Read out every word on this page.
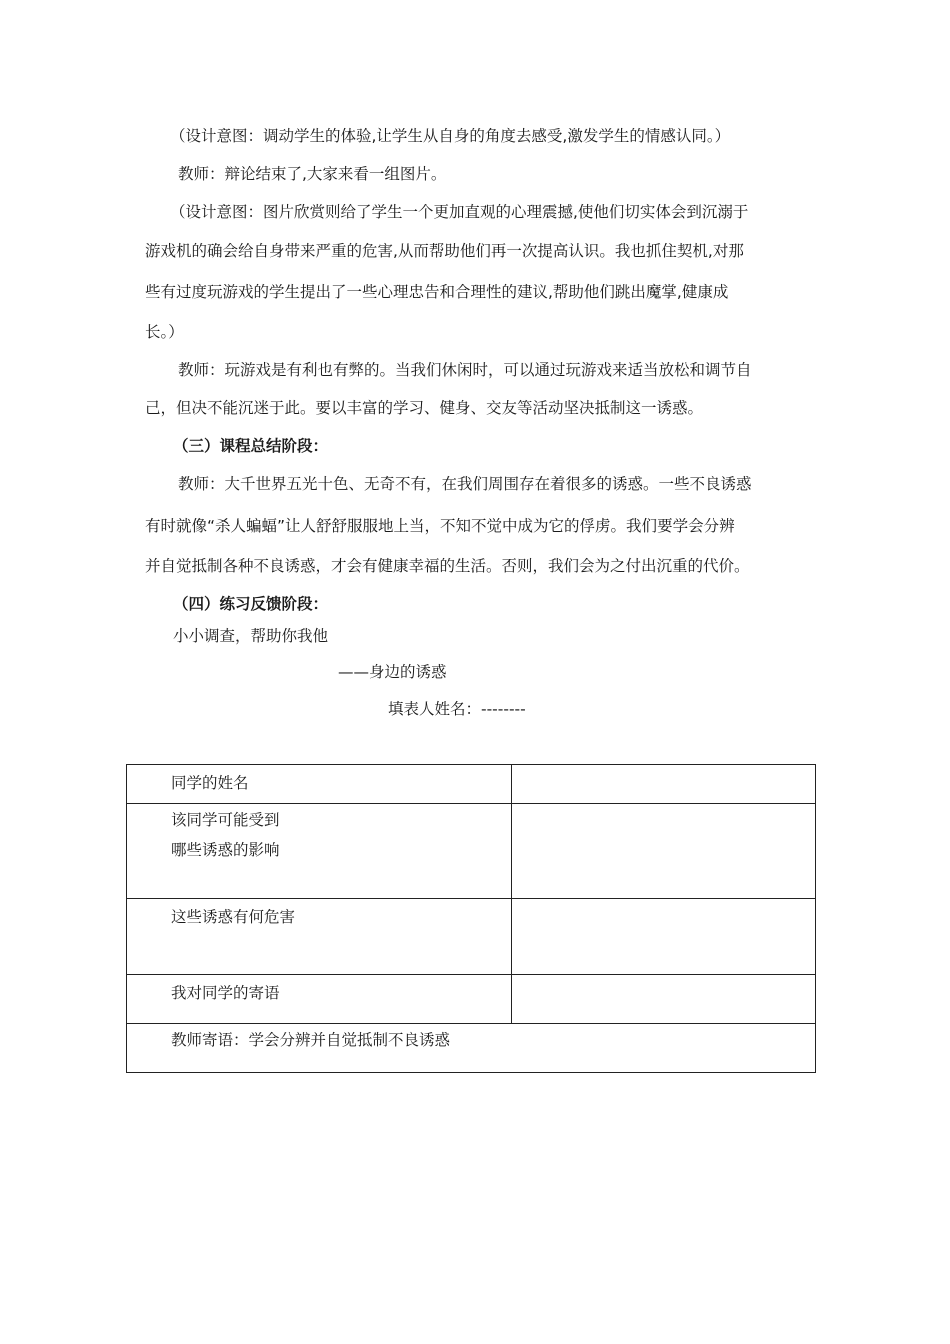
（设计意图：调动学生的体验,让学生从自身的角度去感受,激发学生的情感认同。）
教师：辩论结束了,大家来看一组图片。
（设计意图：图片欣赏则给了学生一个更加直观的心理震撼,使他们切实体会到沉溺于
游戏机的确会给自身带来严重的危害,从而帮助他们再一次提高认识。我也抓住契机,对那
些有过度玩游戏的学生提出了一些心理忠告和合理性的建议,帮助他们跳出魔掌,健康成
长。）
教师：玩游戏是有利也有弊的。当我们休闲时，可以通过玩游戏来适当放松和调节自
己，但决不能沉迷于此。要以丰富的学习、健身、交友等活动坚决抵制这一诱惑。
（三）课程总结阶段：
教师：大千世界五光十色、无奇不有，在我们周围存在着很多的诱惑。一些不良诱惑
有时就像“杀人蝙蝠”让人舒舒服服地上当，不知不觉中成为它的俘虏。我们要学会分辨
并自觉抵制各种不良诱惑，才会有健康幸福的生活。否则，我们会为之付出沉重的代价。
（四）练习反馈阶段：
小小调查，帮助你我他
——身边的诱惑
填表人姓名：--------
同学的姓名	

该同学可能受到
哪些诱惑的影响	

这些诱惑有何危害	
我对同学的寄语	
教师寄语：学会分辨并自觉抵制不良诱惑	
